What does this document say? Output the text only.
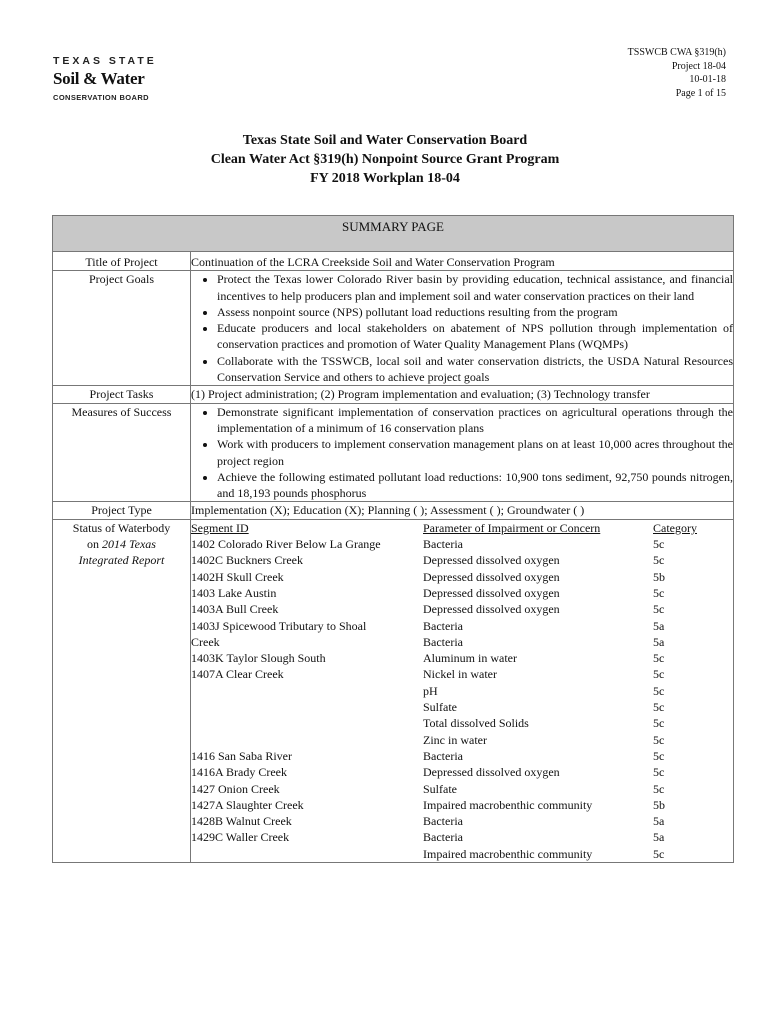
TEXAS STATE
Soil & Water
CONSERVATION BOARD
TSSWCB CWA §319(h)
Project 18-04
10-01-18
Page 1 of 15
Texas State Soil and Water Conservation Board
Clean Water Act §319(h) Nonpoint Source Grant Program
FY 2018 Workplan 18-04
SUMMARY PAGE
Title of Project	Continuation of the LCRA Creekside Soil and Water Conservation Program
Project Goals	
•Protect the Texas lower Colorado River basin by providing education, technical assistance, and financial incentives to help producers plan and implement soil and water conservation practices on their land
• Assess nonpoint source (NPS) pollutant load reductions resulting from the program
• Educate producers and local stakeholders on abatement of NPS pollution through implementation of conservation practices and promotion of Water Quality Management Plans (WQMPs)
• Collaborate with the TSSWCB, local soil and water conservation districts, the USDA Natural Resources Conservation Service and others to achieve project goals

Project Tasks	(1) Project administration; (2) Program implementation and evaluation; (3) Technology transfer
Measures of Success	
•Demonstrate significant implementation of conservation practices on agricultural operations through the implementation of a minimum of 16 conservation plans
• Work with producers to implement conservation management plans on at least 10,000 acres throughout the project region
• Achieve the following estimated pollutant load reductions: 10,900 tons sediment, 92,750 pounds nitrogen, and 18,193 pounds phosphorus

Project Type	Implementation (X); Education (X); Planning ( ); Assessment ( ); Groundwater ( )

Status of Waterbody
on 2014 Texas
Integrated Report

Segment ID	Parameter of Impairment or Concern	Category
1402 Colorado River Below La Grange	Bacteria	5c
1402C Buckners Creek	Depressed dissolved oxygen	5c
1402H Skull Creek	Depressed dissolved oxygen	5b
1403 Lake Austin	Depressed dissolved oxygen	5c
1403A Bull Creek	Depressed dissolved oxygen	5c
1403J Spicewood Tributary to Shoal	Bacteria	5a
Creek	Bacteria	5a
1403K Taylor Slough South	Aluminum in water	5c
1407A Clear Creek	Nickel in water	5c
	pH	5c
	Sulfate	5c
	Total dissolved Solids	5c
	Zinc in water	5c
1416 San Saba River	Bacteria	5c
1416A Brady Creek	Depressed dissolved oxygen	5c
1427 Onion Creek	Sulfate	5c
1427A Slaughter Creek	Impaired macrobenthic community	5b
1428B Walnut Creek	Bacteria	5a
1429C Waller Creek	Bacteria	5a
	Impaired macrobenthic community	5c
